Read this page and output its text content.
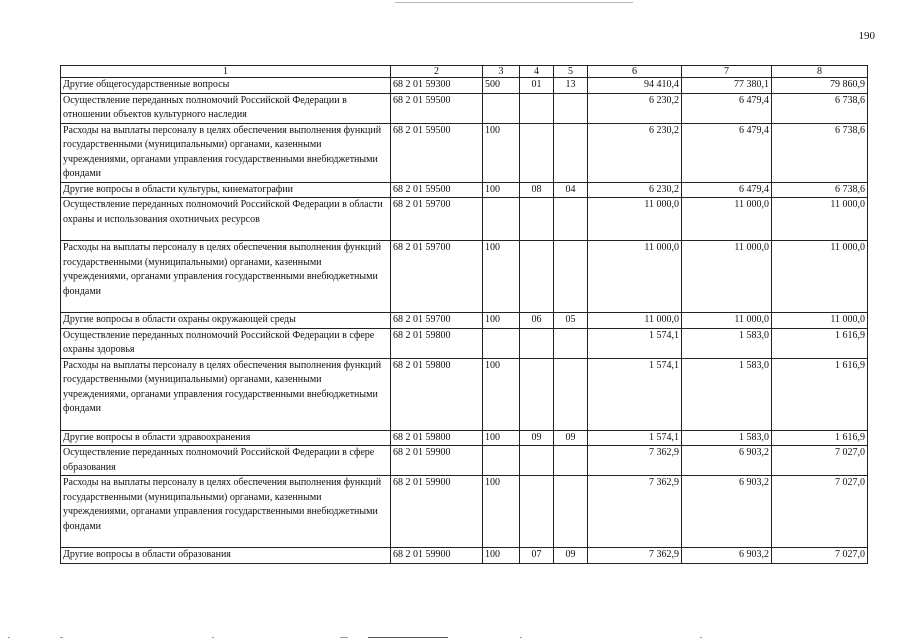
190
1	2	3	4	5	6	7	8
Другие общегосударственные вопросы	68 2 01 59300	500	01	13	94 410,4	77 380,1	79 860,9
Осуществление переданных полномочий Российской Федерации в отношении объектов культурного наследия	68 2 01 59500				6 230,2	6 479,4	6 738,6
Расходы на выплаты персоналу в целях обеспечения выполнения функций государственными (муниципальными) органами, казенными учреждениями, органами управления государственными внебюджетными фондами	68 2 01 59500	100			6 230,2	6 479,4	6 738,6
Другие вопросы в области культуры, кинематографии	68 2 01 59500	100	08	04	6 230,2	6 479,4	6 738,6
Осуществление переданных полномочий Российской Федерации в области охраны и использования охотничьих ресурсов	68 2 01 59700				11 000,0	11 000,0	11 000,0
Расходы на выплаты персоналу в целях обеспечения выполнения функций государственными (муниципальными) органами, казенными учреждениями, органами управления государственными внебюджетными фондами	68 2 01 59700	100			11 000,0	11 000,0	11 000,0
Другие вопросы в области охраны окружающей среды	68 2 01 59700	100	06	05	11 000,0	11 000,0	11 000,0
Осуществление переданных полномочий Российской Федерации в сфере охраны здоровья	68 2 01 59800				1 574,1	1 583,0	1 616,9
Расходы на выплаты персоналу в целях обеспечения выполнения функций государственными (муниципальными) органами, казенными учреждениями, органами управления государственными внебюджетными фондами	68 2 01 59800	100			1 574,1	1 583,0	1 616,9
Другие вопросы в области здравоохранения	68 2 01 59800	100	09	09	1 574,1	1 583,0	1 616,9
Осуществление переданных полномочий Российской Федерации в сфере образования	68 2 01 59900				7 362,9	6 903,2	7 027,0
Расходы на выплаты персоналу в целях обеспечения выполнения функций государственными (муниципальными) органами, казенными учреждениями, органами управления государственными внебюджетными фондами	68 2 01 59900	100			7 362,9	6 903,2	7 027,0
Другие вопросы в области образования	68 2 01 59900	100	07	09	7 362,9	6 903,2	7 027,0
